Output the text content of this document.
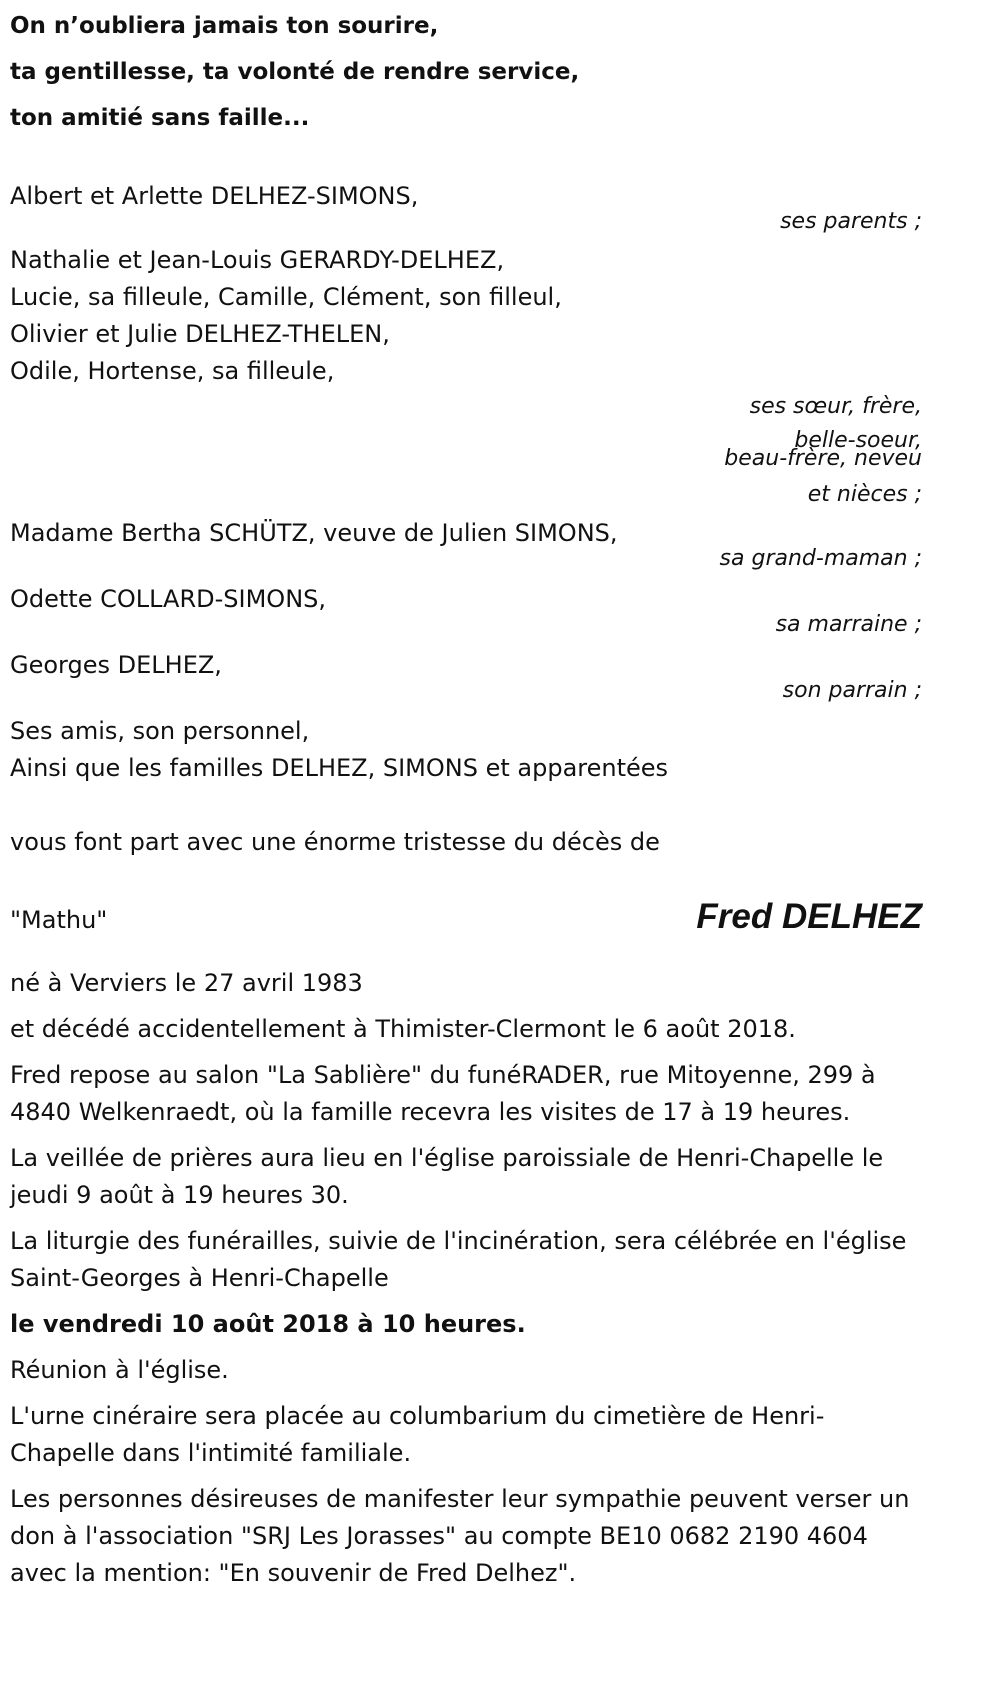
On n’oubliera jamais ton sourire,
ta gentillesse, ta volonté de rendre service,
ton amitié sans faille...
Albert et Arlette DELHEZ-SIMONS,
ses parents ;
Nathalie et Jean-Louis GERARDY-DELHEZ,
Lucie, sa filleule, Camille, Clément, son filleul,
Olivier et Julie DELHEZ-THELEN,
Odile, Hortense, sa filleule,
ses sœur, frère,
belle-soeur,
beau-frère, neveu
et nièces ;
Madame Bertha SCHÜTZ, veuve de Julien SIMONS,
sa grand-maman ;
Odette COLLARD-SIMONS,
sa marraine ;
Georges DELHEZ,
son parrain ;
Ses amis, son personnel,
Ainsi que les familles DELHEZ, SIMONS et apparentées
vous font part avec une énorme tristesse du décès de
"Mathu"	Fred DELHEZ
né à Verviers le 27 avril 1983
et décédé accidentellement à Thimister-Clermont le 6 août 2018.
Fred repose au salon "La Sablière" du funéRADER, rue Mitoyenne, 299 à 4840 Welkenraedt, où la famille recevra les visites de 17 à 19 heures.
La veillée de prières aura lieu en l'église paroissiale de Henri-Chapelle le jeudi 9 août à 19 heures 30.
La liturgie des funérailles, suivie de l'incinération, sera célébrée en l'église Saint-Georges à Henri-Chapelle
le vendredi 10 août 2018 à 10 heures.
Réunion à l'église.
L'urne cinéraire sera placée au columbarium du cimetière de Henri-Chapelle dans l'intimité familiale.
Les personnes désireuses de manifester leur sympathie peuvent verser un don à l'association "SRJ Les Jorasses" au compte BE10 0682 2190 4604 avec la mention: "En souvenir de Fred Delhez".
